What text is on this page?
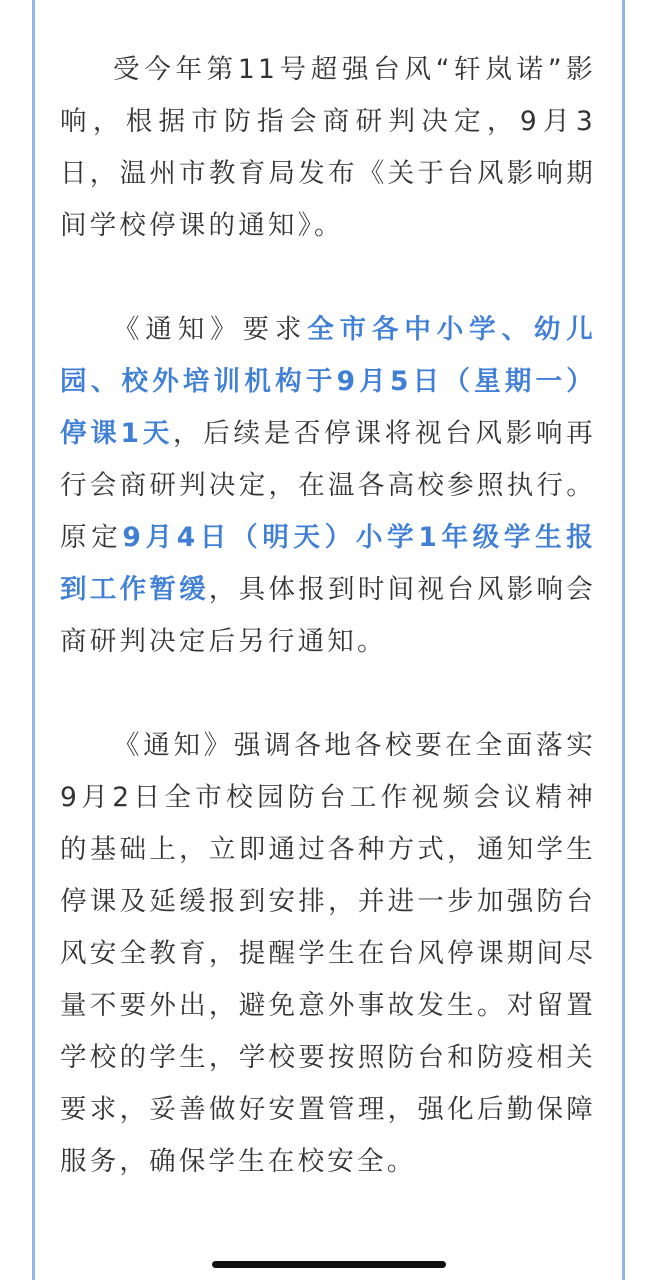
受今年第11号超强台风“轩岚诺”影响，根据市防指会商研判决定，9月3日，温州市教育局发布《关于台风影响期间学校停课的通知》。

《通知》要求全市各中小学、幼儿园、校外培训机构于9月5日（星期一）停课1天，后续是否停课将视台风影响再行会商研判决定，在温各高校参照执行。原定9月4日（明天）小学1年级学生报到工作暂缓，具体报到时间视台风影响会商研判决定后另行通知。

《通知》强调各地各校要在全面落实9月2日全市校园防台工作视频会议精神的基础上，立即通过各种方式，通知学生停课及延缓报到安排，并进一步加强防台风安全教育，提醒学生在台风停课期间尽量不要外出，避免意外事故发生。对留置学校的学生，学校要按照防台和防疫相关要求，妥善做好安置管理，强化后勤保障服务，确保学生在校安全。
